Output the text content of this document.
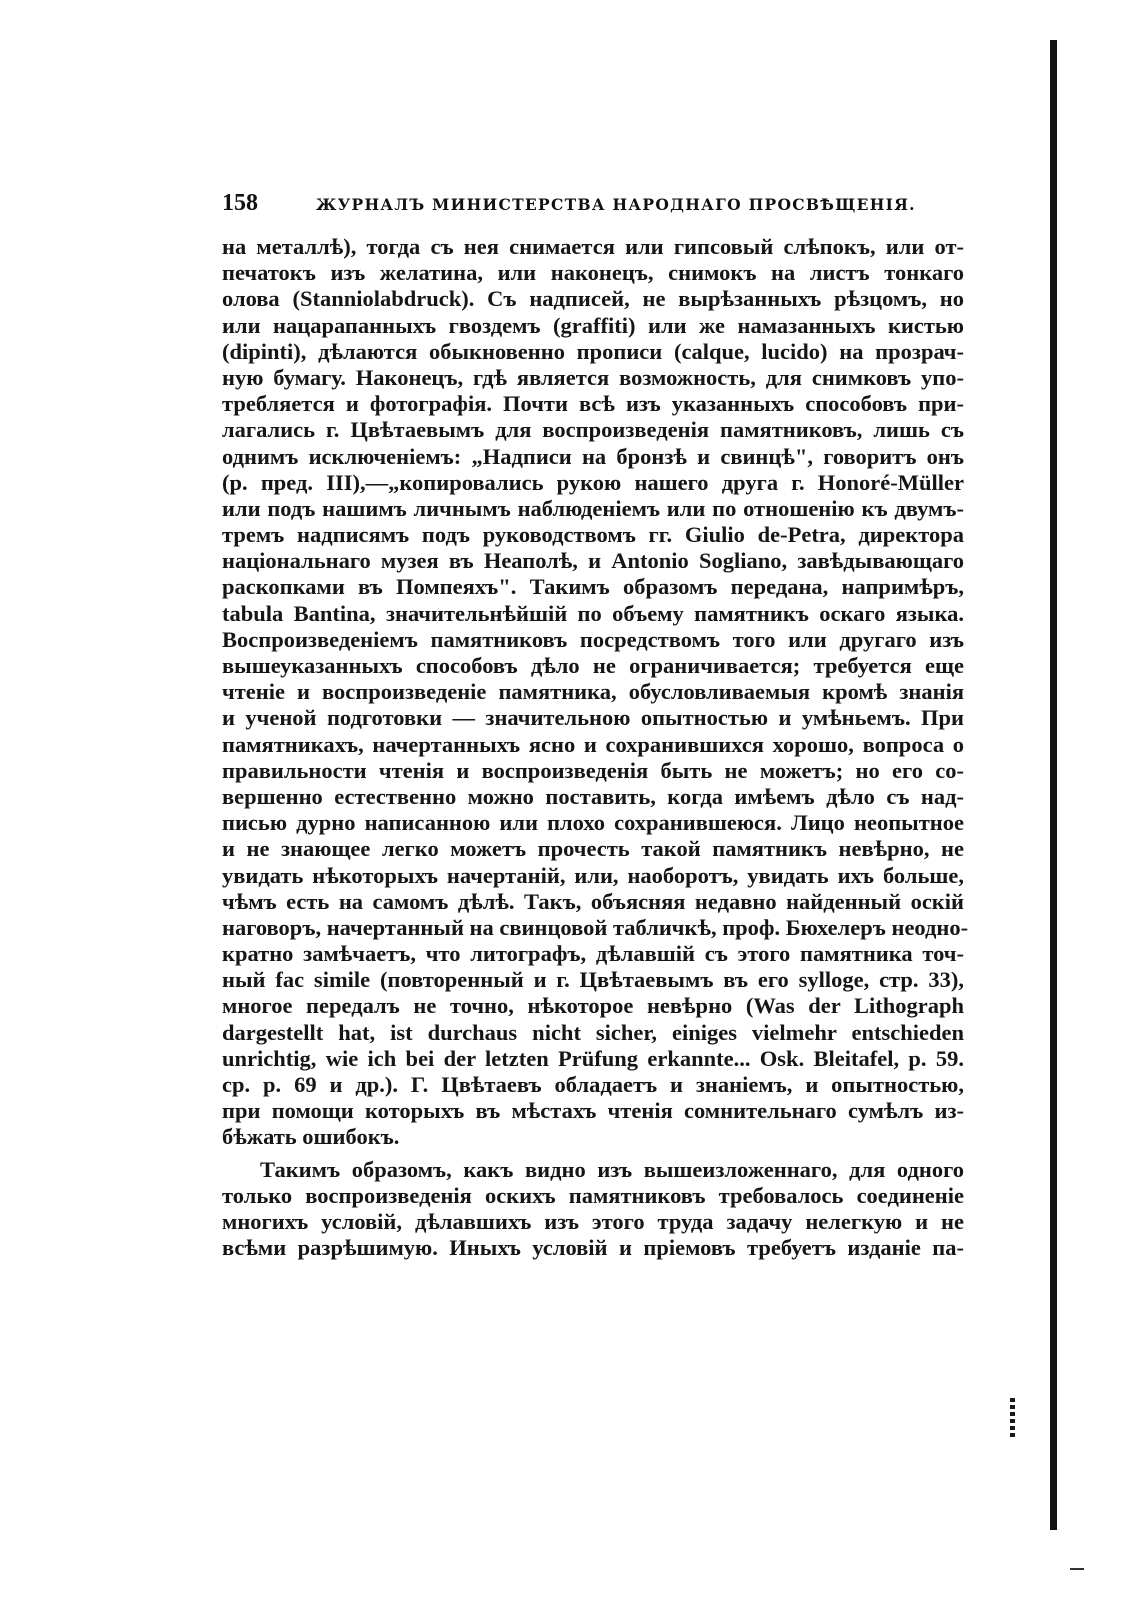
158	ЖУРНАЛЪ МИНИСТЕРСТВА НАРОДНАГО ПРОСВѢЩЕНІЯ.
на металлѣ), тогда съ нея снимается или гипсовый слѣпокъ, или от-
печатокъ изъ желатина, или наконецъ, снимокъ на листъ тонкаго
олова (Stanniolabdruck). Съ надписей, не вырѣзанныхъ рѣзцомъ, но
или нацарапанныхъ гвоздемъ (graffiti) или же намазанныхъ кистью
(dipinti), дѣлаются обыкновенно прописи (calque, lucido) на прозрач-
ную бумагу. Наконецъ, гдѣ является возможность, для снимковъ упо-
требляется и фотографія. Почти всѣ изъ указанныхъ способовъ при-
лагались г. Цвѣтаевымъ для воспроизведенія памятниковъ, лишь съ
однимъ исключеніемъ: „Надписи на бронзѣ и свинцѣ", говоритъ онъ
(р. пред. III),—„копировались рукою нашего друга г. Honoré-Müller
или подъ нашимъ личнымъ наблюденіемъ или по отношенію къ двумъ-
тремъ надписямъ подъ руководствомъ гг. Giulio de-Petra, директора
національнаго музея въ Неаполѣ, и Antonio Sogliano, завѣдывающаго
раскопками въ Помпеяхъ". Такимъ образомъ передана, напримѣръ,
tabula Bantina, значительнѣйшій по объему памятникъ оскаго языка.
Воспроизведеніемъ памятниковъ посредствомъ того или другаго изъ
вышеуказанныхъ способовъ дѣло не ограничивается; требуется еще
чтеніе и воспроизведеніе памятника, обусловливаемыя кромѣ знанія
и ученой подготовки — значительною опытностью и умѣньемъ. При
памятникахъ, начертанныхъ ясно и сохранившихся хорошо, вопроса о
правильности чтенія и воспроизведенія быть не можетъ; но его со-
вершенно естественно можно поставить, когда имѣемъ дѣло съ над-
писью дурно написанною или плохо сохранившеюся. Лицо неопытное
и не знающее легко можетъ прочесть такой памятникъ невѣрно, не
увидать нѣкоторыхъ начертаній, или, наоборотъ, увидать ихъ больше,
чѣмъ есть на самомъ дѣлѣ. Такъ, объясняя недавно найденный оскій
наговоръ, начертанный на свинцовой табличкѣ, проф. Бюхелеръ неодно-
кратно замѣчаетъ, что литографъ, дѣлавшій съ этого памятника точ-
ный fac simile (повторенный и г. Цвѣтаевымъ въ его sylloge, стр. 33),
многое передалъ не точно, нѣкоторое невѣрно (Was der Lithograph
dargestellt hat, ist durchaus nicht sicher, einiges vielmehr entschieden
unrichtig, wie ich bei der letzten Prüfung erkannte... Osk. Bleitafel, p. 59.
ср. р. 69 и др.). Г. Цвѣтаевъ обладаетъ и знаніемъ, и опытностью,
при помощи которыхъ въ мѣстахъ чтенія сомнительнаго сумѣлъ из-
бѣжать ошибокъ.
Такимъ образомъ, какъ видно изъ вышеизложеннаго, для одного
только воспроизведенія оскихъ памятниковъ требовалось соединеніе
многихъ условій, дѣлавшихъ изъ этого труда задачу нелегкую и не
всѣми разрѣшимую. Иныхъ условій и пріемовъ требуетъ изданіе па-
